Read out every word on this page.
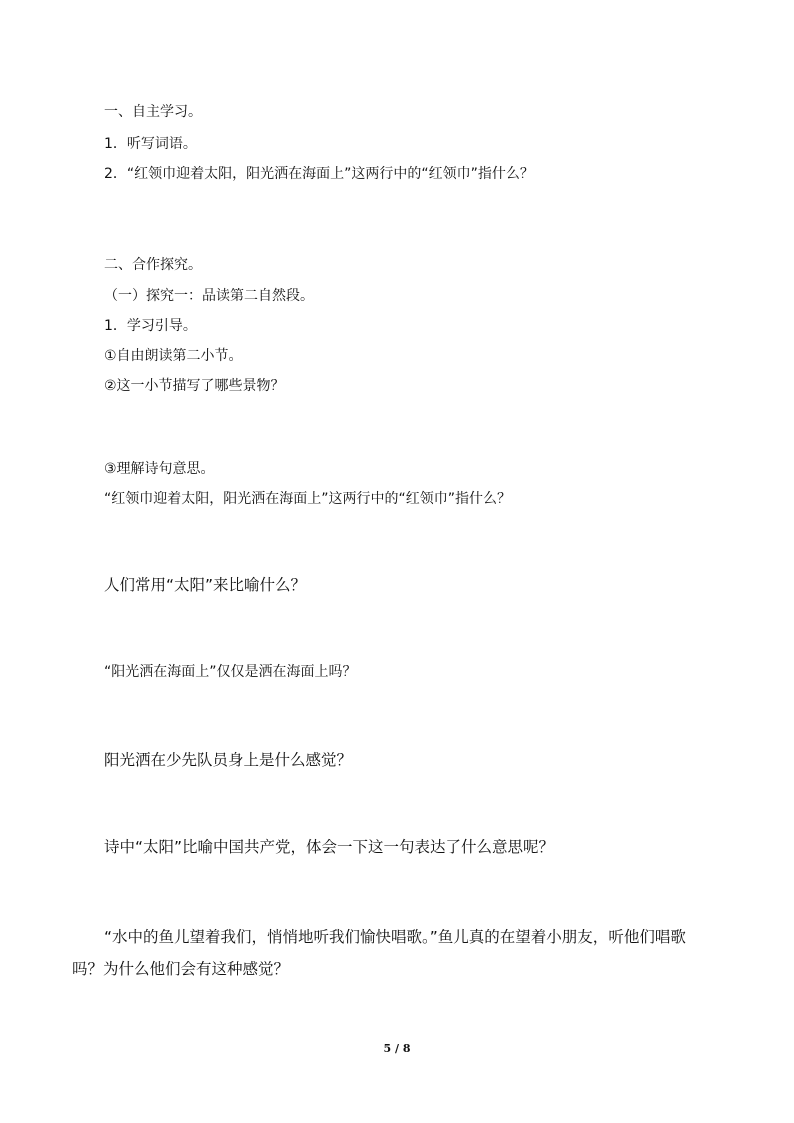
一、自主学习。
1．听写词语。
2．“红领巾迎着太阳，阳光洒在海面上”这两行中的“红领巾”指什么？
二、合作探究。
（一）探究一：品读第二自然段。
1．学习引导。
①自由朗读第二小节。
②这一小节描写了哪些景物？
③理解诗句意思。
“红领巾迎着太阳，阳光洒在海面上”这两行中的“红领巾”指什么？
人们常用“太阳”来比喻什么？
“阳光洒在海面上”仅仅是洒在海面上吗？
阳光洒在少先队员身上是什么感觉？
诗中“太阳”比喻中国共产党，体会一下这一句表达了什么意思呢？
“水中的鱼儿望着我们，悄悄地听我们愉快唱歌。”鱼儿真的在望着小朋友，听他们唱歌吗？为什么他们会有这种感觉？
5 / 8
